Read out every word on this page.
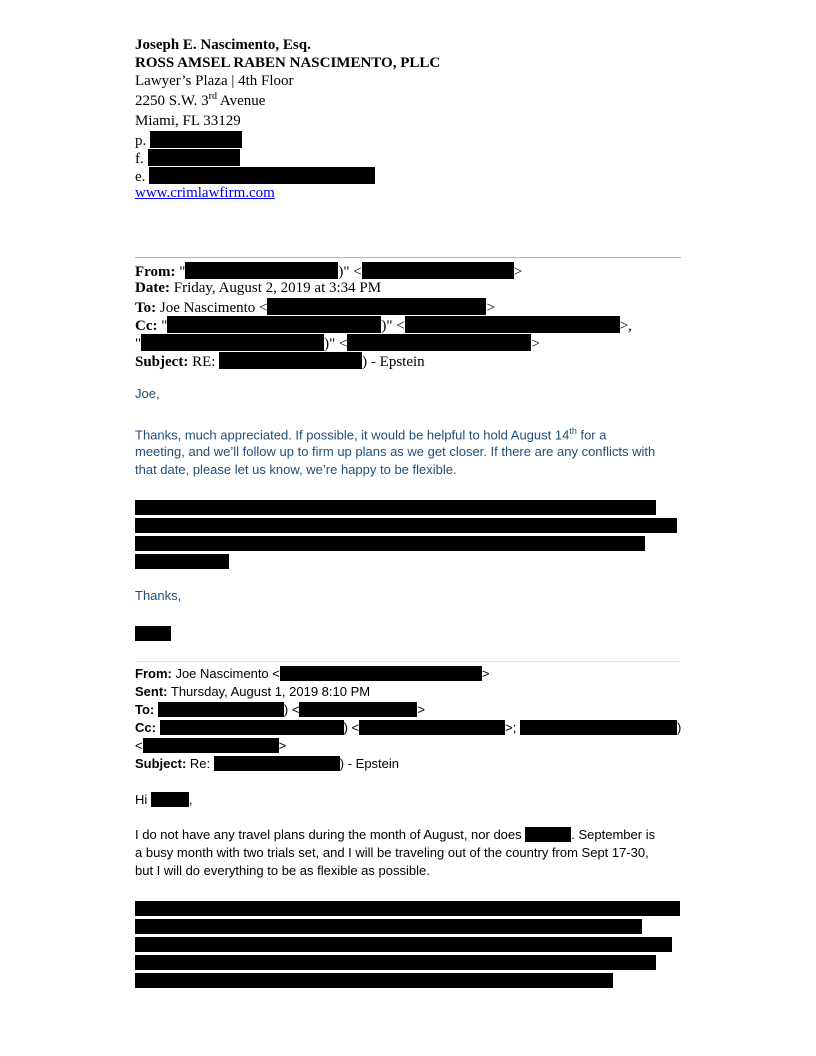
Joseph E. Nascimento, Esq.
ROSS AMSEL RABEN NASCIMENTO, PLLC
Lawyer’s Plaza | 4th Floor
2250 S.W. 3rd Avenue
Miami, FL 33129
p.
f.
e.
www.crimlawfirm.com
From: "	)" <	>
Date: Friday, August 2, 2019 at 3:34 PM
To: Joe Nascimento <	>
Cc: "	)" <	>,
"	)" <	>
Subject: RE:	) - Epstein
Joe,
Thanks, much appreciated. If possible, it would be helpful to hold August 14th for a
meeting, and we’ll follow up to firm up plans as we get closer. If there are any conflicts with
that date, please let us know, we’re happy to be flexible.
Thanks,
From: Joe Nascimento <	>
Sent: Thursday, August 1, 2019 8:10 PM
To:	) <	>
Cc:	) <	>;	)
<	>
Subject: Re:	) - Epstein
Hi	,
I do not have any travel plans during the month of August, nor does	. September is
a busy month with two trials set, and I will be traveling out of the country from Sept 17-30,
but I will do everything to be as flexible as possible.
